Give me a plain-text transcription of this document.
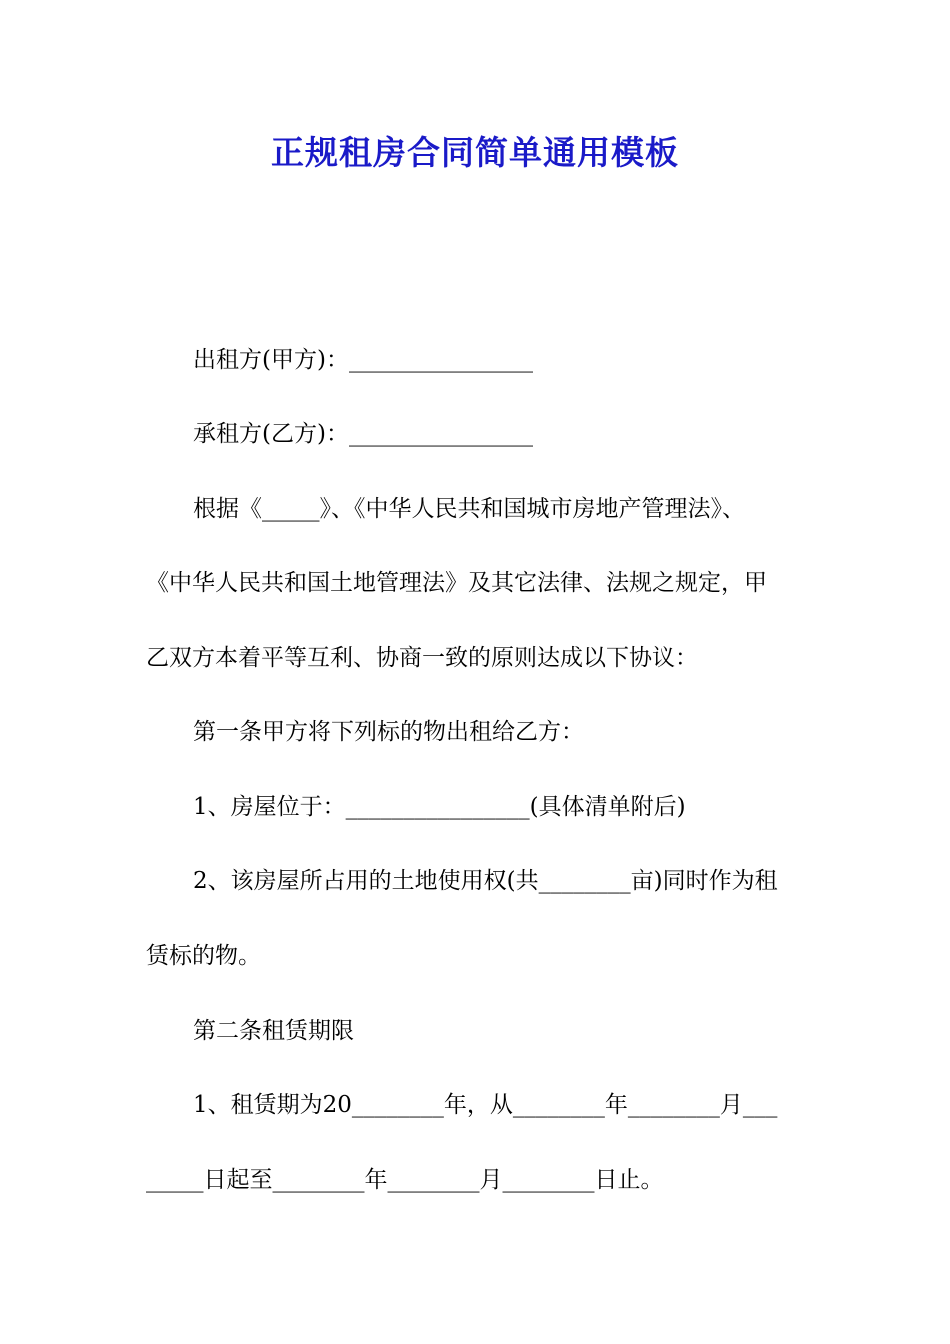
正规租房合同简单通用模板
出租方(甲方)：________________
承租方(乙方)：________________
根据《_____》、《中华人民共和国城市房地产管理法》、
《中华人民共和国土地管理法》及其它法律、法规之规定，甲
乙双方本着平等互利、协商一致的原则达成以下协议：
第一条甲方将下列标的物出租给乙方：
1、房屋位于：________________(具体清单附后)
2、该房屋所占用的土地使用权(共________亩)同时作为租
赁标的物。
第二条租赁期限
1、租赁期为20________年，从________年________月___
_____日起至________年________月________日止。
